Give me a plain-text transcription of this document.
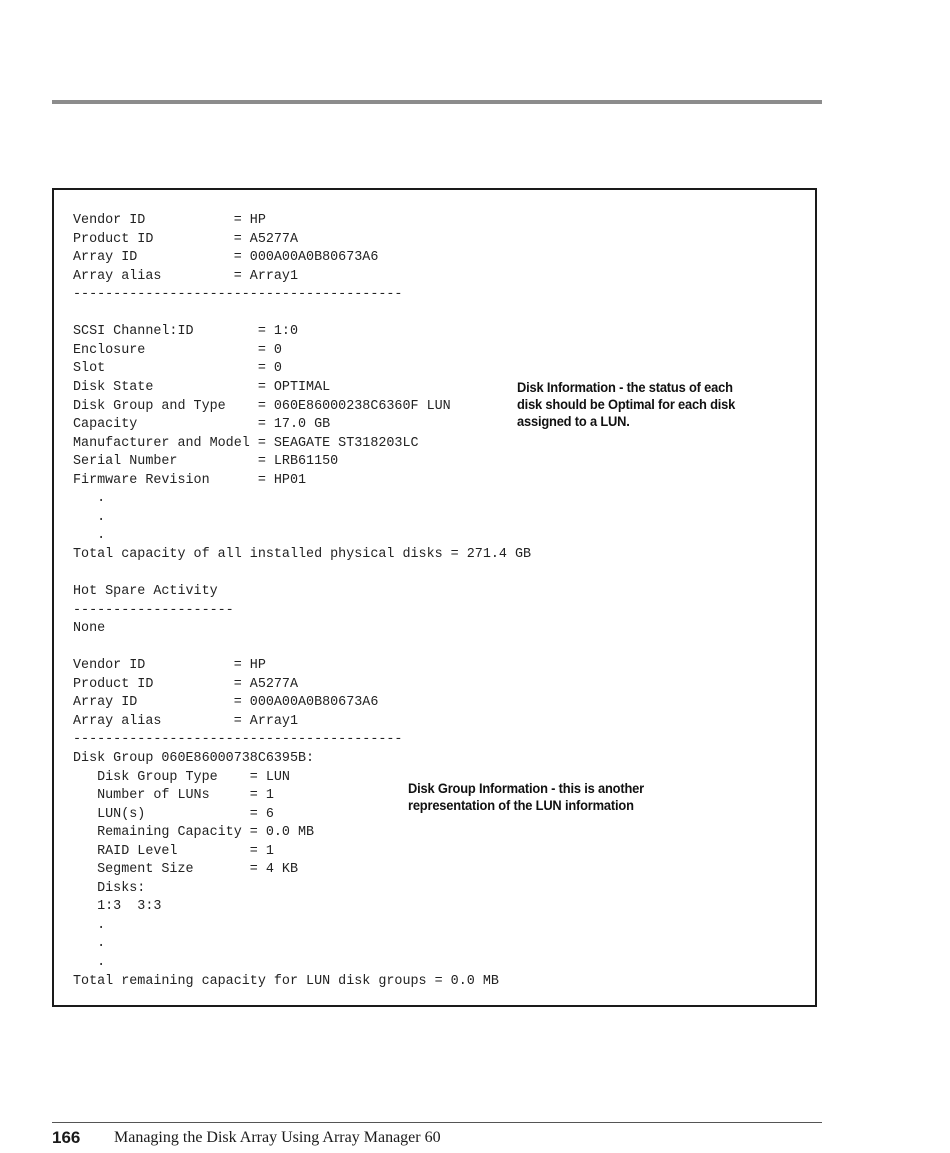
Vendor ID           = HP
Product ID          = A5277A
Array ID            = 000A00A0B80673A6
Array alias         = Array1
-----------------------------------------
SCSI Channel:ID        = 1:0
Enclosure              = 0
Slot                   = 0
Disk State             = OPTIMAL
Disk Group and Type    = 060E86000238C6360F LUN
Capacity               = 17.0 GB
Manufacturer and Model = SEAGATE ST318203LC
Serial Number          = LRB61150
Firmware Revision      = HP01
.
.
.
Total capacity of all installed physical disks = 271.4 GB
Hot Spare Activity
--------------------
None
Vendor ID           = HP
Product ID          = A5277A
Array ID            = 000A00A0B80673A6
Array alias         = Array1
-----------------------------------------
Disk Group 060E86000738C6395B:
Disk Group Type    = LUN
Number of LUNs     = 1
LUN(s)             = 6
Remaining Capacity = 0.0 MB
RAID Level         = 1
Segment Size       = 4 KB
Disks:
1:3  3:3
.
.
.
Total remaining capacity for LUN disk groups = 0.0 MB
Disk Information - the status of each
disk should be Optimal for each disk
assigned to a LUN.
Disk Group Information - this is another
representation of the LUN information
166 Managing the Disk Array Using Array Manager 60
